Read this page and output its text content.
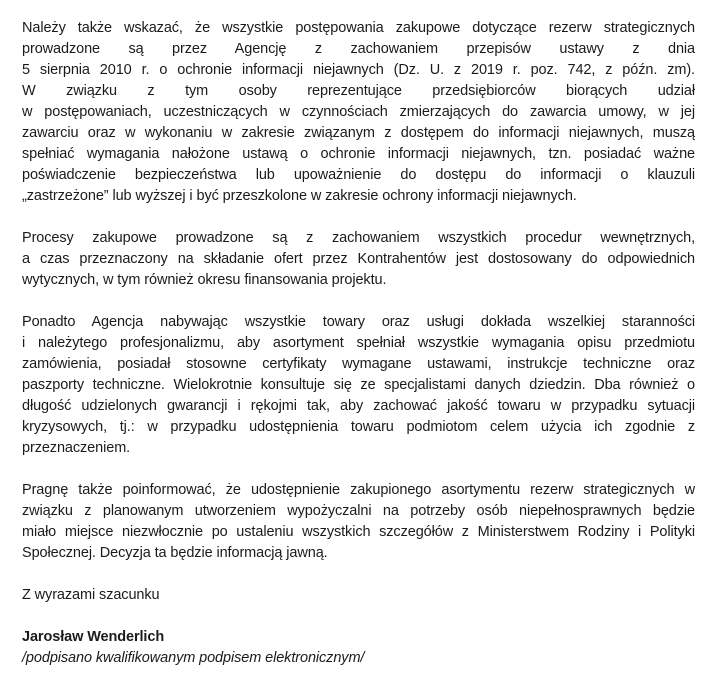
Należy także wskazać, że wszystkie postępowania zakupowe dotyczące rezerw strategicznych
prowadzone są przez Agencję z zachowaniem przepisów ustawy z dnia
5 sierpnia 2010 r. o ochronie informacji niejawnych (Dz. U. z 2019 r. poz. 742, z późn. zm).
W związku z tym osoby reprezentujące przedsiębiorców biorących udział
w postępowaniach, uczestniczących w czynnościach zmierzających do zawarcia umowy, w jej
zawarciu oraz w wykonaniu w zakresie związanym z dostępem do informacji niejawnych, muszą
spełniać wymagania nałożone ustawą o ochronie informacji niejawnych, tzn. posiadać ważne
poświadczenie bezpieczeństwa lub upoważnienie do dostępu do informacji o klauzuli
„zastrzeżone” lub wyższej i być przeszkolone w zakresie ochrony informacji niejawnych.
Procesy zakupowe prowadzone są z zachowaniem wszystkich procedur wewnętrznych,
a czas przeznaczony na składanie ofert przez Kontrahentów jest dostosowany do odpowiednich
wytycznych, w tym również okresu finansowania projektu.
Ponadto Agencja nabywając wszystkie towary oraz usługi dokłada wszelkiej staranności
i należytego profesjonalizmu, aby asortyment spełniał wszystkie wymagania opisu przedmiotu
zamówienia, posiadał stosowne certyfikaty wymagane ustawami, instrukcje techniczne oraz
paszporty techniczne. Wielokrotnie konsultuje się ze specjalistami danych dziedzin. Dba również o
długość udzielonych gwarancji i rękojmi tak, aby zachować jakość towaru w przypadku sytuacji
kryzysowych, tj.: w przypadku udostępnienia towaru podmiotom celem użycia ich zgodnie z
przeznaczeniem.
Pragnę także poinformować, że udostępnienie zakupionego asortymentu rezerw strategicznych w
związku z planowanym utworzeniem wypożyczalni na potrzeby osób niepełnosprawnych będzie
miało miejsce niezwłocznie po ustaleniu wszystkich szczegółów z Ministerstwem Rodziny i Polityki
Społecznej. Decyzja ta będzie informacją jawną.
Z wyrazami szacunku
Jarosław Wenderlich
/podpisano kwalifikowanym podpisem elektronicznym/
